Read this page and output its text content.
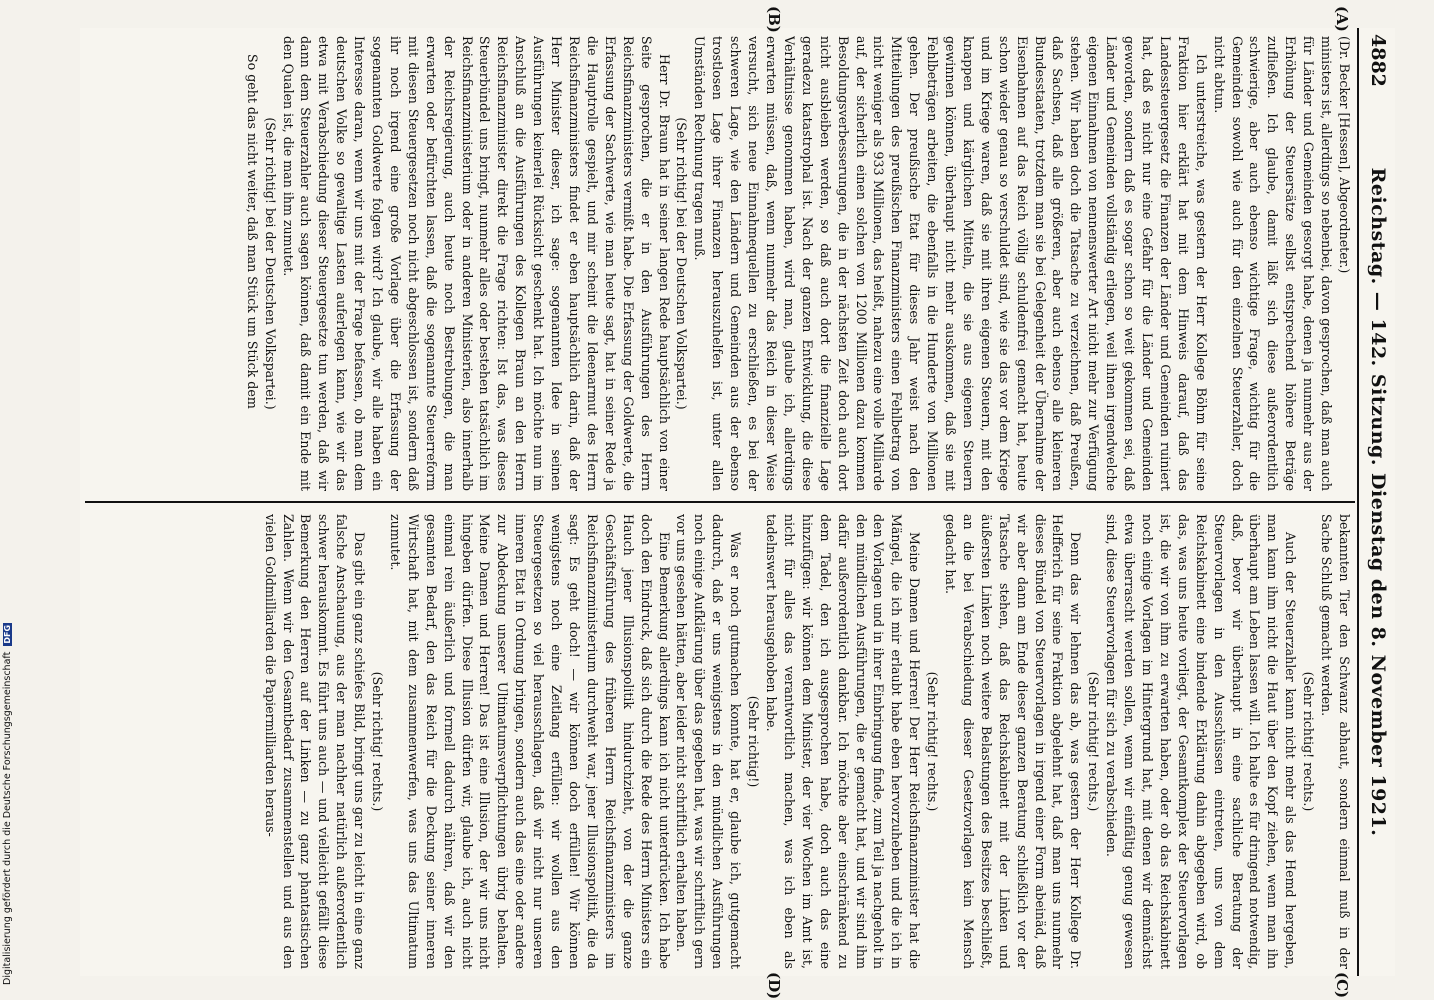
4882
Reichstag. — 142. Sitzung. Dienstag den 8. November 1921.
(A)
(B)
(C)
(D)

(Dr. Becker [Hessen], Abgeordneter.)

ministers ist, allerdings so nebenbei, davon gesprochen, daß man auch für Länder und Gemeinden gesorgt habe, denen ja nunmehr aus der Erhöhung der Steuersätze selbst entsprechend höhere Beträge zufließen. Ich glaube, damit läßt sich diese außerordentlich schwierige, aber auch ebenso wichtige Frage, wichtig für die Gemeinden sowohl wie auch für den einzelnen Steuerzahler, doch nicht abtun.

Ich unterstreiche, was gestern der Herr Kollege Böhm für seine Fraktion hier erklärt hat mit dem Hinweis darauf, daß das Landessteuergesetz die Finanzen der Länder und Gemeinden ruiniert hat, daß es nicht nur eine Gefahr für die Länder und Gemeinden geworden, sondern daß es sogar schon so weit gekommen sei, daß Länder und Gemeinden vollständig erliegen, weil ihnen irgendwelche eigenen Einnahmen von nennenswerter Art nicht mehr zur Verfügung stehen. Wir haben doch die Tatsache zu verzeichnen, daß Preußen, daß Sachsen, daß alle größeren, aber auch ebenso alle kleineren Bundesstaaten, trotzdem man sie bei Gelegenheit der Übernahme der Eisenbahnen auf das Reich völlig schuldenfrei gemacht hat, heute schon wieder genau so verschuldet sind, wie sie das vor dem Kriege und im Kriege waren, daß sie mit ihren eigenen Steuern, mit den knappen und kärglichen Mitteln, die sie aus eigenen Steuern gewinnen können, überhaupt nicht mehr auskommen, daß sie mit Fehlbeträgen arbeiten, die ebenfalls in die Hunderte von Millionen gehen. Der preußische Etat für dieses Jahr weist nach den Mitteilungen des preußischen Finanzministers einen Fehlbetrag von nicht weniger als 933 Millionen, das heißt, nahezu eine volle Milliarde auf, der sicherlich einen solchen von 1200 Millionen dazu kommen Besoldungsverbesserungen, die in der nächsten Zeit doch auch dort nicht ausbleiben werden, so daß auch dort die finanzielle Lage geradezu katastrophal ist. Nach der ganzen Entwicklung, die diese Verhältnisse genommen haben, wird man, glaube ich, allerdings erwarten müssen, daß, wenn nunmehr das Reich in dieser Weise versucht, sich neue Einnahmequellen zu erschließen, es bei der schweren Lage, wie den Ländern und Gemeinden aus der ebenso trostlosen Lage ihrer Finanzen herauszuhelfen ist, unter allen Umständen Rechnung tragen muß.

(Sehr richtig! bei der Deutschen Volkspartei.)

Herr Dr. Braun hat in seiner langen Rede hauptsächlich von einer Seite gesprochen, die er in den Ausführungen des Herrn Reichsfinanzministers vermißt habe. Die Erfassung der Goldwerte, die Erfassung der Sachwerte, wie man heute sagt, hat in seiner Rede ja die Hauptrolle gespielt, und mir scheint die Ideenarmut des Herrn Reichsfinanzministers findet er eben hauptsächlich darin, daß der Herr Minister dieser, ich sage: sogenannten Idee in seinen Ausführungen keinerlei Rücksicht geschenkt hat. Ich möchte nun im Anschluß an die Ausführungen des Kollegen Braun an den Herrn Reichsfinanzminister direkt die Frage richten: Ist das, was dieses Steuerbündel uns bringt, nunmehr alles oder bestehen tatsächlich im Reichsfinanzministerium oder in anderen Ministerien, also innerhalb der Reichsregierung, auch heute noch Bestrebungen, die man erwarten oder befürchten lassen, daß die sogenannte Steuerreform mit diesen Steuergesetzen noch nicht abgeschlossen ist, sondern daß ihr noch irgend eine große Vorlage über die Erfassung der sogenannten Goldwerte folgen wird? Ich glaube, wir alle haben ein Interesse daran, wenn wir uns mit der Frage befassen, ob man dem deutschen Volke so gewaltige Lasten auferlegen kann, wie wir das etwa mit Verabschiedung dieser Steuergesetze tun werden, daß wir dann dem Steuerzahler auch sagen können, daß damit ein Ende mit den Qualen ist, die man ihm zumutet.

(Sehr richtig! bei der Deutschen Volkspartei.)

So geht das nicht weiter, daß man Stück um Stück dem

bekannten Tier den Schwanz abhaut, sondern einmal muß in der Sache Schluß gemacht werden.

(Sehr richtig! rechts.)

Auch der Steuerzahler kann nicht mehr als das Hemd hergeben, man kann ihm nicht die Haut über den Kopf ziehen, wenn man ihn überhaupt am Leben lassen will. Ich halte es für dringend notwendig, daß, bevor wir überhaupt in eine sachliche Beratung der Steuervorlagen in den Ausschüssen eintreten, uns von dem Reichskabinett eine bindende Erklärung dahin abgegeben wird, ob das, was uns heute vorliegt, der Gesamtkomplex der Steuervorlagen ist, die wir von ihm zu erwarten haben, oder ob das Reichskabinett noch einige Vorlagen im Hintergrund hat, mit denen wir demnächst etwa überrascht werden sollen, wenn wir einfältig genug gewesen sind, diese Steuervorlagen für sich zu verabschieden.

(Sehr richtig! rechts.)

Denn das wir lehnen das ab, was gestern der Herr Kollege Dr. Helfferich für seine Fraktion abgelehnt hat, daß man uns nunmehr dieses Bündel von Steuervorlagen in irgend einer Form abeinäd, daß wir aber dann am Ende dieser ganzen Beratung schließlich vor der Tatsache stehen, daß das Reichskabinett mit der Linken und äußersten Linken noch weitere Belastungen des Besitzes beschließt, an die bei Verabschiedung dieser Gesetzvorlagen kein Mensch gedacht hat.

(Sehr richtig! rechts.)

Meine Damen und Herren! Der Herr Reichsfinanzminister hat die Mängel, die ich mir erlaubt habe eben hervorzuheben und die ich in den Vorlagen und in ihrer Einbringung finde, zum Teil ja nachgeholt in den mündlichen Ausführungen, die er gemacht hat, und wir sind ihm dafür außerordentlich dankbar. Ich möchte aber einschränkend zu dem Tadel, den ich ausgesprochen habe, doch auch das eine hinzufügen: wir können dem Minister, der vier Wochen im Amt ist, nicht für alles das verantwortlich machen, was ich eben als tadelnswert herausgehoben habe.

(Sehr richtig!)

Was er noch gutmachen konnte, hat er, glaube ich, gutgemacht dadurch, daß er uns wenigstens in den mündlichen Ausführungen noch einige Aufklärung über das gegeben hat, was wir schriftlich gern vor uns gesehen hätten, aber leider nicht schriftlich erhalten haben.

Eine Bemerkung allerdings kann ich nicht unterdrücken. Ich habe doch den Eindruck, daß sich durch die Rede des Herrn Ministers ein Hauch jener Illusionspolitik hindurchzieht, von der die ganze Geschäftsführung des früheren Herrn Reichsfinanzministers im Reichsfinanzministerium durchweht war, jener Illusionspolitik, die da sagt: Es geht doch! — wir können doch erfüllen! Wir können wenigstens noch eine Zeitlang erfüllen: wir wollen aus den Steuergesetzen so viel herausschlagen, daß wir nicht nur unseren inneren Etat in Ordnung bringen, sondern auch das eine oder andere zur Abdeckung unserer Ultimatumsverpflichtungen übrig behalten. Meine Damen und Herren! Das ist eine Illusion, der wir uns nicht hingeben dürfen. Diese Illusion dürfen wir, glaube ich, auch nicht einmal rein äußerlich und formell dadurch nähren, daß wir den gesamten Bedarf, den das Reich für die Deckung seiner inneren Wirtschaft hat, mit dem zusammenwerfen, was uns das Ultimatum zumutet.

(Sehr richtig! rechts.)

Das gibt ein ganz schiefes Bild, bringt uns gar zu leicht in eine ganz falsche Anschauung, aus der man nachher natürlich außerordentlich schwer herauskommt. Es führt uns auch — und vielleicht gefällt diese Bemerkung den Herren auf der Linken — zu ganz phantastischen Zahlen. Wenn wir den Gesamtbedarf zusammenstellen und aus den vielen Goldmilliarden die Papiermilliarden heraus-

Digitalisierung gefördert durch die Deutsche Forschungsgemeinschaft DFG
